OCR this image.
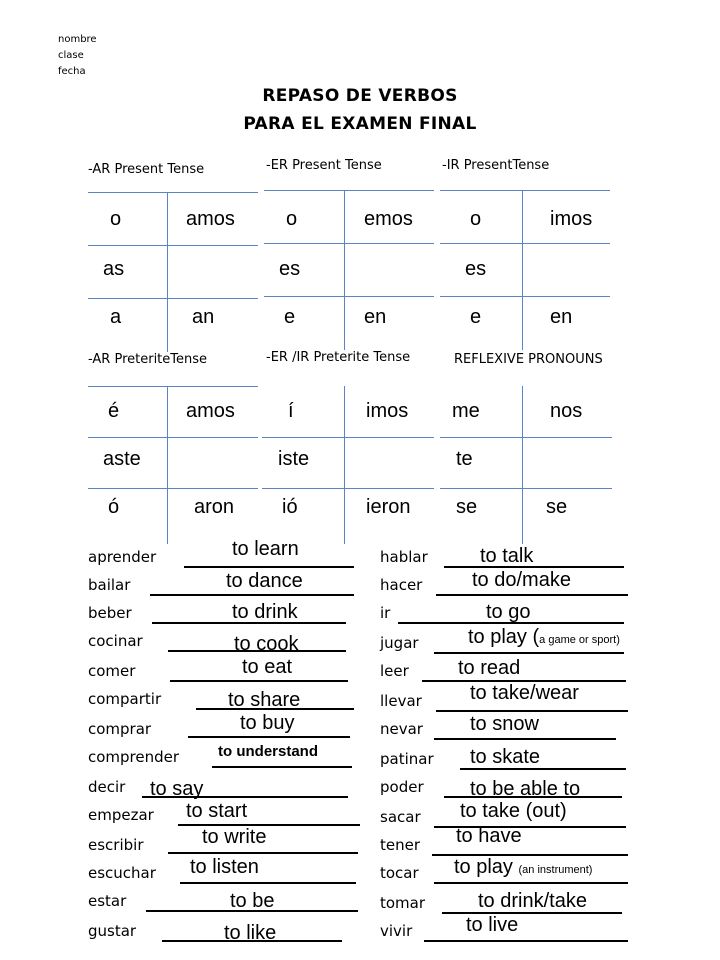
nombre
clase
fecha
REPASO DE VERBOS
PARA EL EXAMEN FINAL
-AR Present Tense
o	amos
as
a	an
-ER Present Tense
o	emos
es
e	en
-IR PresentTense
o	imos
es
e	en
-AR PreteriteTense
é	amos
aste
ó	aron
-ER /IR Preterite Tense
í	imos
iste
ió	ieron
REFLEXIVE PRONOUNS
me	nos
te
se	se
aprender	to learn
bailar	to dance
beber	to drink
cocinar	to cook
comer	to eat
compartir	to share
comprar	to buy
comprender	to understand
decir to say
empezar to start
escribir	to write
escuchar to listen
estar	to be
gustar	to like
hablar	to talk
hacer to do/make
ir	to go
jugar to play (a game or sport)
leer to read
llevar to take/wear
nevar to snow
patinar to skate
poder to be able to
sacar to take (out)
tener to have
tocar to play (an instrument)
tomar	to drink/take
vivir	to live
